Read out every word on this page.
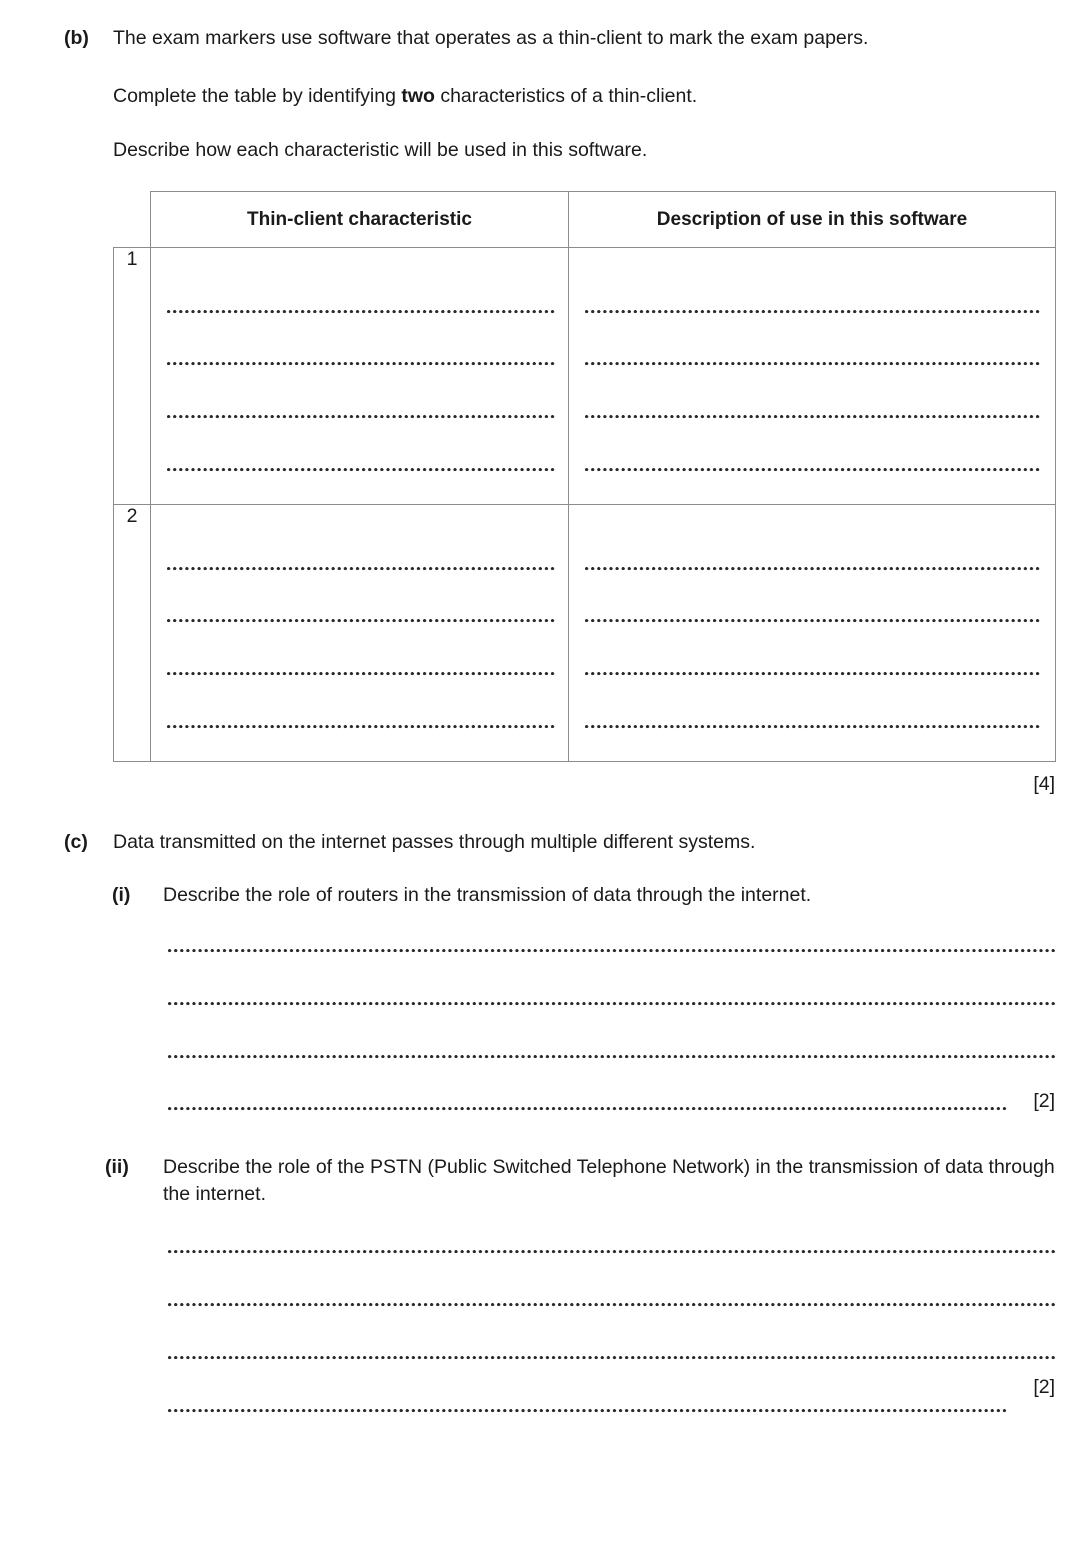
(b) The exam markers use software that operates as a thin-client to mark the exam papers.
Complete the table by identifying two characteristics of a thin-client.
Describe how each characteristic will be used in this software.
	Thin-client characteristic	Description of use in this software
1	

2	

[4]
(c) Data transmitted on the internet passes through multiple different systems.
(i) Describe the role of routers in the transmission of data through the internet.
[2]
(ii) Describe the role of the PSTN (Public Switched Telephone Network) in the transmission of data through the internet.
[2]
